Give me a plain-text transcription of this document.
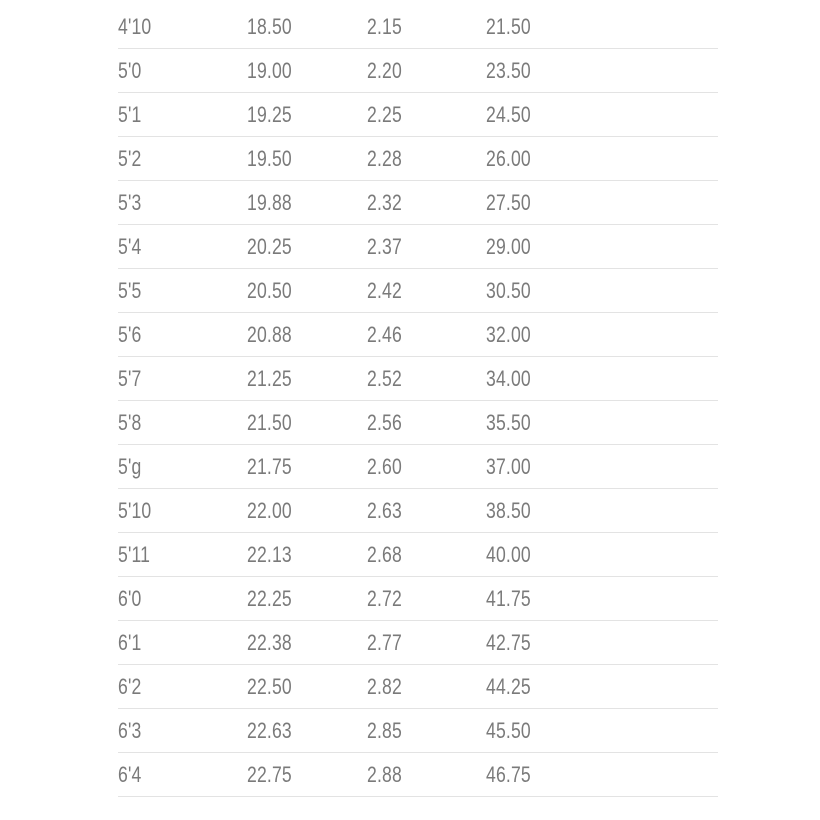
4'10	18.50	2.15	21.50
5'0	19.00	2.20	23.50
5'1	19.25	2.25	24.50
5'2	19.50	2.28	26.00
5'3	19.88	2.32	27.50
5'4	20.25	2.37	29.00
5'5	20.50	2.42	30.50
5'6	20.88	2.46	32.00
5'7	21.25	2.52	34.00
5'8	21.50	2.56	35.50
5'g	21.75	2.60	37.00
5'10	22.00	2.63	38.50
5'11	22.13	2.68	40.00
6'0	22.25	2.72	41.75
6'1	22.38	2.77	42.75
6'2	22.50	2.82	44.25
6'3	22.63	2.85	45.50
6'4	22.75	2.88	46.75
